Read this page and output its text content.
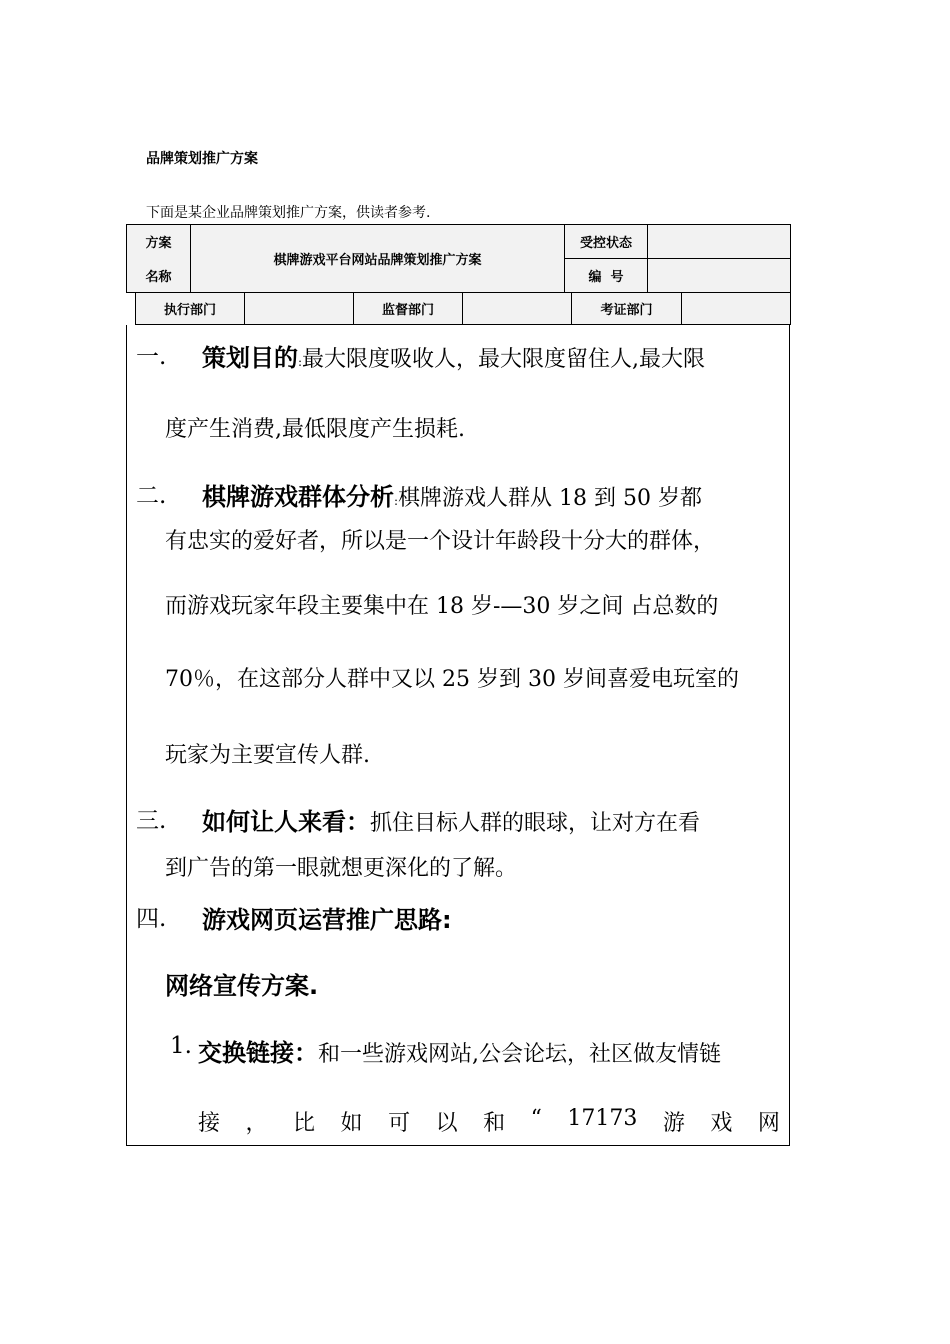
品牌策划推广方案
下面是某企业品牌策划推广方案，供读者参考.
方案	棋牌游戏平台网站品牌策划推广方案	受控状态	
名称		编  号	
执行部门		监督部门		考证部门	
一. 策划目的:最大限度吸收人，最大限度留住人,最大限
度产生消费,最低限度产生损耗.
二. 棋牌游戏群体分析:棋牌游戏人群从 18 到 50 岁都
有忠实的爱好者，所以是一个设计年龄段十分大的群体，
而游戏玩家年段主要集中在 18 岁-—30 岁之间 占总数的
70％，在这部分人群中又以 25 岁到 30 岁间喜爱电玩室的
玩家为主要宣传人群.
三. 如何让人来看：抓住目标人群的眼球，让对方在看
到广告的第一眼就想更深化的了解。
四. 游戏网页运营推广思路:
网络宣传方案.
1. 交换链接：和一些游戏网站,公会论坛，社区做友情链
接 ， 比 如 可 以 和 “ 17173 游 戏 网
